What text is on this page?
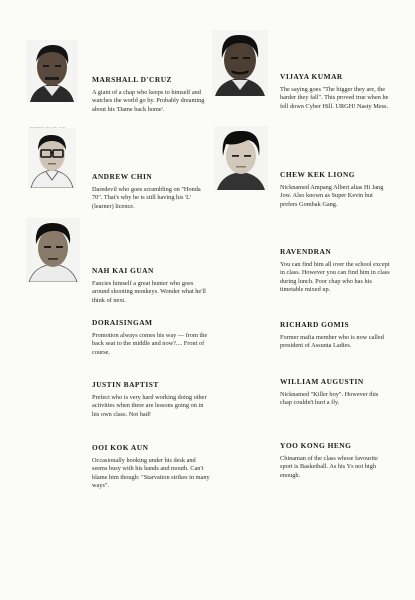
MARSHALL D'CRUZ

A giant of a chap who keeps to himself and watches the world go by. Probably dreaming about his 'Dame back home'.

ANDREW CHIN

Daredevil who goes scrambling on "Honda 70". That's why he is still having his 'L' (learner) licence.

NAH KAI GUAN

Fancies himself a great hunter who goes around shooting monkeys. Wonder what he'll think of next.

DORAISINGAM

Promotion always comes his way — from the back seat to the middle and now?.... Front of course.

JUSTIN BAPTIST

Prefect who is very hard working doing other activities when there are lessons going on in his own class. Not bad!

OOI KOK AUN

Occasionally hooking under his desk and seems busy with his hands and mouth. Can't blame him though: "Starvation strikes in many ways".

VIJAYA KUMAR

The saying goes "The bigger they are, the harder they fall". This proved true when he fell down Cyber Hill. URGH! Nasty Mess.

CHEW KEK LIONG

Nicknamed Ampang Albert alias Hi Jang Jow. Also known as Super Kevin but prefers Gombak Gang.

RAVENDRAN

You can find him all over the school except in class. However you can find him in class during lunch. Poor chap who has his timetable mixed up.

RICHARD GOMIS

Former mafia member who is now called president of Assunta Ladies.

WILLIAM AUGUSTIN

Nicknamed "Killer boy". However this chap couldn't hurt a fly.

YOO KONG HENG

Chinaman of the class whose favourite sport is Basketball. As his Ys not high enough.
